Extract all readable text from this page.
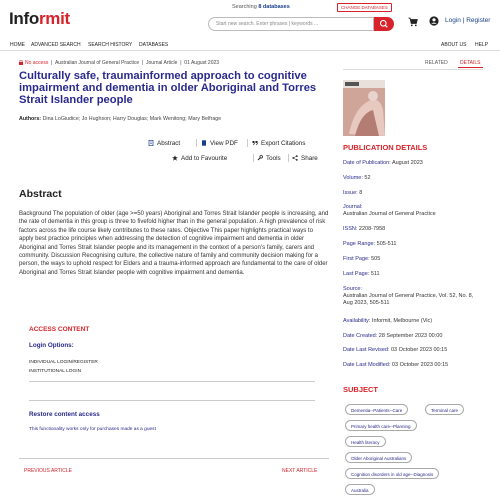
Informit
Searching 8 databases	CHANGE DATABASES
Start new search. Enter phrases | keywords ...	Login | Register
HOME ADVANCED SEARCH SEARCH HISTORY DATABASES	ABOUT US HELP
No access  |  Australian Journal of General Practice  |  Journal Article  |  01 August 2023
Culturally safe, traumainformed approach to cognitive impairment and dementia in older Aboriginal and Torres Strait Islander people
Authors: Dina LoGiudice; Jo Hughson; Harry Douglas; Mark Wenitong; Mary Belfrage
Abstract	View PDF	Export Citations
Add to Favourite	Tools	Share
Abstract
Background The population of older (age >=50 years) Aboriginal and Torres Strait Islander people is increasing, and the rate of dementia in this group is three to fivefold higher than in the general population. A high prevalence of risk factors across the life course likely contributes to these rates. Objective This paper highlights practical ways to apply best practice principles when addressing the detection of cognitive impairment and dementia in older Aboriginal and Torres Strait Islander people and its management in the context of a person's family, carers and community. Discussion Recognising culture, the collective nature of family and community decision making for a person, the ways to uphold respect for Elders and a trauma-informed approach are fundamental to the care of older Aboriginal and Torres Strait Islander people with cognitive impairment and dementia.
ACCESS CONTENT
Login Options:
INDIVIDUAL LOGIN/REGISTER
INSTITUTIONAL LOGIN
Restore content access
This functionality works only for purchases made as a guest
PREVIOUS ARTICLE	NEXT ARTICLE
RELATED DETAILS
PUBLICATION DETAILS
Date of Publication: August 2023
Volume: 52
Issue: 8
Journal:
Australian Journal of General Practice
ISSN: 2208-7958
Page Range: 505-511
First Page: 505
Last Page: 511
Source:
Australian Journal of General Practice, Vol. 52, No. 8, Aug 2023, 505-511
Availability: Informit, Melbourne (Vic)
Date Created: 28 September 2023 00:00
Date Last Revised: 03 October 2023 00:15
Date Last Modified: 03 October 2023 00:15
SUBJECT
Dementia--Patients--Care	Terminal care
Primary health care--Planning
Health literacy
Older Aboriginal Australians
Cognition disorders in old age--Diagnosis
Australia
